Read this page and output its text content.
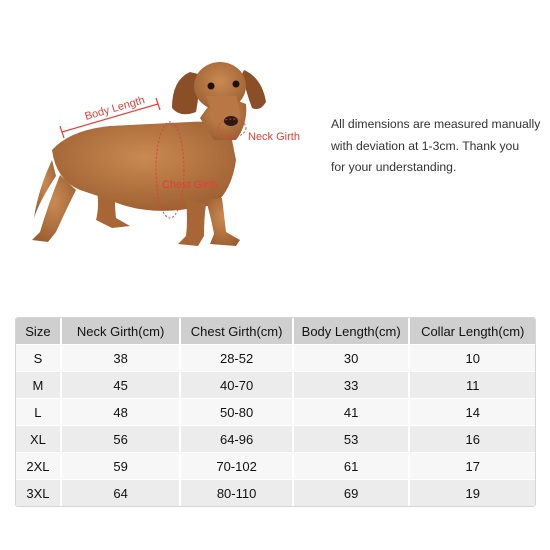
Body Length
Neck Girth
Chest Girth
All dimensions are measured manually
with deviation at 1-3cm. Thank you
for your understanding.
Size	Neck Girth(cm)	Chest Girth(cm)	Body Length(cm)	Collar Length(cm)
S	38	28-52	30	10
M	45	40-70	33	11
L	48	50-80	41	14
XL	56	64-96	53	16
2XL	59	70-102	61	17
3XL	64	80-110	69	19
